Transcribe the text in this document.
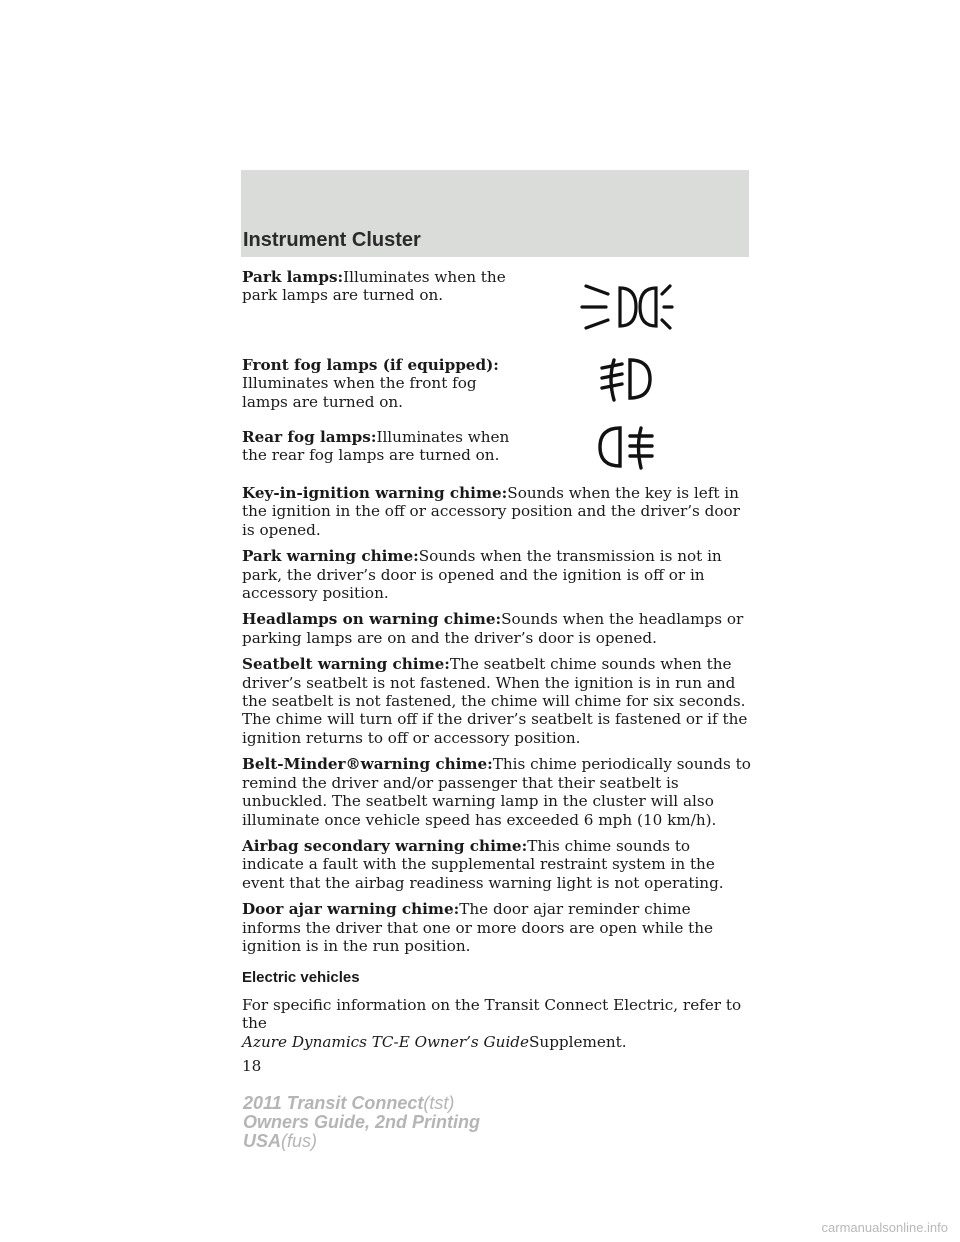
Instrument Cluster
Park lamps:Illuminates when the park lamps are turned on.
Front fog lamps (if equipped):
Illuminates when the front fog lamps are turned on.
Rear fog lamps:Illuminates when the rear fog lamps are turned on.

Key-in-ignition warning chime:Sounds when the key is left in the ignition in the off or accessory position and the driver’s door is opened.

Park warning chime:Sounds when the transmission is not in park, the driver’s door is opened and the ignition is off or in accessory position.

Headlamps on warning chime:Sounds when the headlamps or parking lamps are on and the driver’s door is opened.

Seatbelt warning chime:The seatbelt chime sounds when the driver’s seatbelt is not fastened. When the ignition is in run and the seatbelt is not fastened, the chime will chime for six seconds. The chime will turn off if the driver’s seatbelt is fastened or if the ignition returns to off or accessory position.

Belt-Minder®warning chime:This chime periodically sounds to remind the driver and/or passenger that their seatbelt is unbuckled. The seatbelt warning lamp in the cluster will also illuminate once vehicle speed has exceeded 6 mph (10 km/h).

Airbag secondary warning chime:This chime sounds to indicate a fault with the supplemental restraint system in the event that the airbag readiness warning light is not operating.

Door ajar warning chime:The door ajar reminder chime informs the driver that one or more doors are open while the ignition is in the run position.

Electric vehicles

For specific information on the Transit Connect Electric, refer to the
Azure Dynamics TC-E Owner’s GuideSupplement.

18
2011 Transit Connect(tst)
Owners Guide, 2nd Printing
USA(fus)
carmanualsonline.info
